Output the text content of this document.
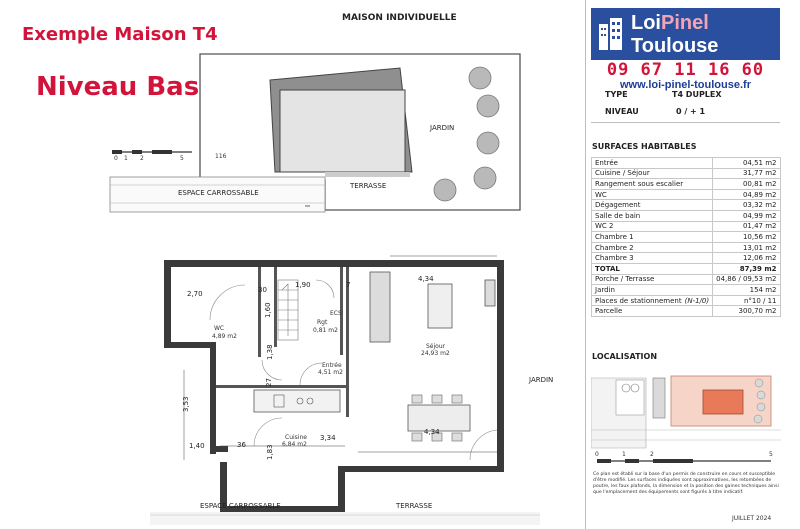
Exemple Maison T4
Niveau Bas
MAISON INDIVIDUELLE
0 1 2	5	116
JARDIN
TERRASSE
ESPACE CARROSSABLE
2,70
1,90
4,34
4,34
3,34
3,53
1,40
1,38
1,83
1,60
30
7
27
36
WC
4,89 m2
Rgt
0,81 m2
ECS
Entrée
4,51 m2
Séjour
24,93 m2
Cuisine
6,84 m2
JARDIN
ESPACE CARROSSABLE	TERRASSE
LoiPinel
Toulouse
09 67 11 16 60
www.loi-pinel-toulouse.fr
TYPE	T4 DUPLEX
NIVEAU	0 / + 1
SURFACES HABITABLES
Entrée	04,51 m2
Cuisine / Séjour	31,77 m2
Rangement sous escalier	00,81 m2
WC	04,89 m2
Dégagement	03,32 m2
Salle de bain	04,99 m2
WC 2	01,47 m2
Chambre 1	10,56 m2
Chambre 2	13,01 m2
Chambre 3	12,06 m2
TOTAL	87,39 m2
Porche / Terrasse	04,86 / 09,53 m2
Jardin	154 m2
Places de stationnement (N-1/0)	n°10 / 11
Parcelle	300,70 m2
LOCALISATION
0	1	2	5
Ce plan est établi sur la base d'un permis de construire en cours et susceptible d'être modifié. Les surfaces indiquées sont approximatives, les retombées de poutre, les faux plafonds, la dimension et la position des gaines techniques ainsi que l'emplacement des équipements sont figurés à titre indicatif.
JUILLET 2024
